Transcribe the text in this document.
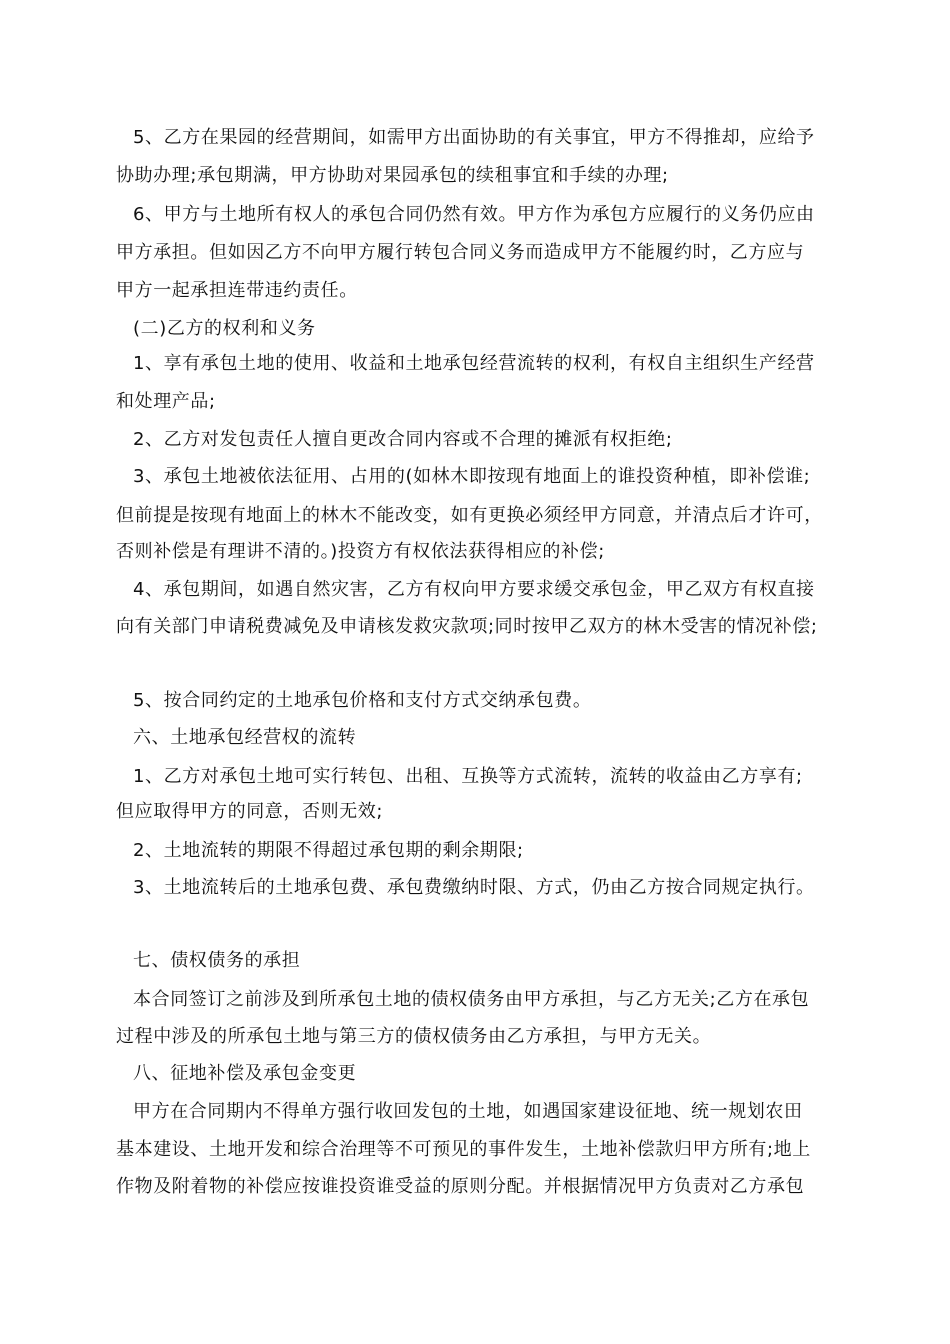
5、乙方在果园的经营期间，如需甲方出面协助的有关事宜，甲方不得推却，应给予
协助办理;承包期满，甲方协助对果园承包的续租事宜和手续的办理;
6、甲方与土地所有权人的承包合同仍然有效。甲方作为承包方应履行的义务仍应由
甲方承担。但如因乙方不向甲方履行转包合同义务而造成甲方不能履约时，乙方应与
甲方一起承担连带违约责任。
(二)乙方的权利和义务
1、享有承包土地的使用、收益和土地承包经营流转的权利，有权自主组织生产经营
和处理产品;
2、乙方对发包责任人擅自更改合同内容或不合理的摊派有权拒绝;
3、承包土地被依法征用、占用的(如林木即按现有地面上的谁投资种植，即补偿谁;
但前提是按现有地面上的林木不能改变，如有更换必须经甲方同意，并清点后才许可，
否则补偿是有理讲不清的。)投资方有权依法获得相应的补偿;
4、承包期间，如遇自然灾害，乙方有权向甲方要求缓交承包金，甲乙双方有权直接
向有关部门申请税费减免及申请核发救灾款项;同时按甲乙双方的林木受害的情况补偿;
5、按合同约定的土地承包价格和支付方式交纳承包费。
六、土地承包经营权的流转
1、乙方对承包土地可实行转包、出租、互换等方式流转，流转的收益由乙方享有;
但应取得甲方的同意，否则无效;
2、土地流转的期限不得超过承包期的剩余期限;
3、土地流转后的土地承包费、承包费缴纳时限、方式，仍由乙方按合同规定执行。
七、债权债务的承担
本合同签订之前涉及到所承包土地的债权债务由甲方承担，与乙方无关;乙方在承包
过程中涉及的所承包土地与第三方的债权债务由乙方承担，与甲方无关。
八、征地补偿及承包金变更
甲方在合同期内不得单方强行收回发包的土地，如遇国家建设征地、统一规划农田
基本建设、土地开发和综合治理等不可预见的事件发生，土地补偿款归甲方所有;地上
作物及附着物的补偿应按谁投资谁受益的原则分配。并根据情况甲方负责对乙方承包
